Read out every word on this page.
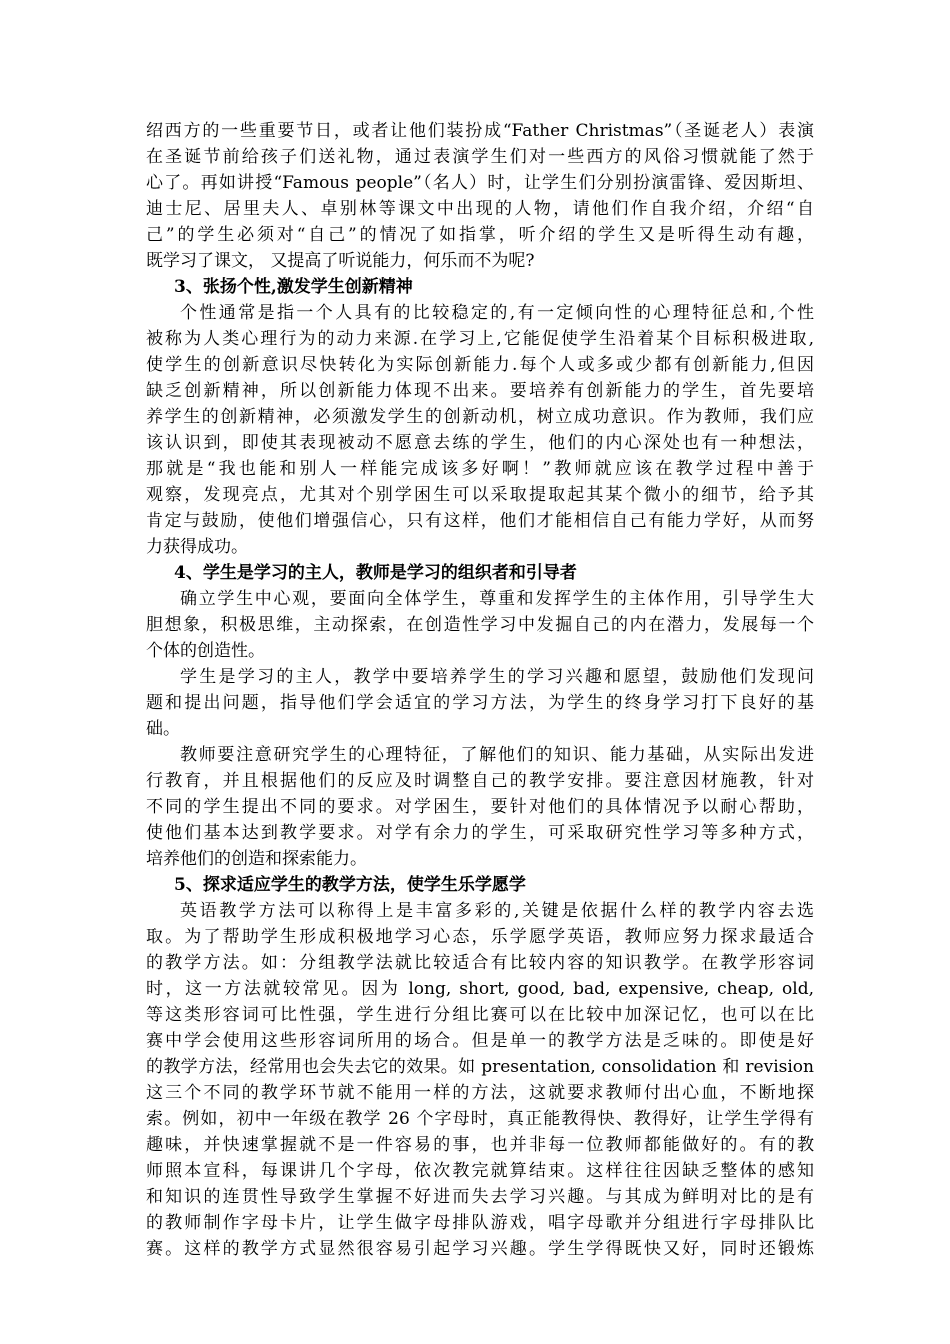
绍西方的一些重要节日，或者让他们装扮成“Father Christmas”（圣诞老人）表演
在圣诞节前给孩子们送礼物，通过表演学生们对一些西方的风俗习惯就能了然于
心了。再如讲授“Famous people”（名人）时，让学生们分别扮演雷锋、爱因斯坦、
迪士尼、居里夫人、卓别林等课文中出现的人物，请他们作自我介绍，介绍“自
己”的学生必须对“自己”的情况了如指掌，听介绍的学生又是听得生动有趣，
既学习了课文， 又提高了听说能力，何乐而不为呢?
3、张扬个性,激发学生创新精神
个性通常是指一个人具有的比较稳定的,有一定倾向性的心理特征总和,个性
被称为人类心理行为的动力来源.在学习上,它能促使学生沿着某个目标积极进取,
使学生的创新意识尽快转化为实际创新能力.每个人或多或少都有创新能力,但因
缺乏创新精神，所以创新能力体现不出来。要培养有创新能力的学生，首先要培
养学生的创新精神，必须激发学生的创新动机，树立成功意识。作为教师，我们应
该认识到，即使其表现被动不愿意去练的学生，他们的内心深处也有一种想法，
那就是“我也能和别人一样能完成该多好啊！”教师就应该在教学过程中善于
观察，发现亮点，尤其对个别学困生可以采取提取起其某个微小的细节，给予其
肯定与鼓励，使他们增强信心，只有这样，他们才能相信自己有能力学好，从而努
力获得成功。
4、学生是学习的主人，教师是学习的组织者和引导者
确立学生中心观，要面向全体学生，尊重和发挥学生的主体作用，引导学生大
胆想象，积极思维，主动探索，在创造性学习中发掘自己的内在潜力，发展每一个
个体的创造性。
学生是学习的主人，教学中要培养学生的学习兴趣和愿望，鼓励他们发现问
题和提出问题，指导他们学会适宜的学习方法，为学生的终身学习打下良好的基
础。
教师要注意研究学生的心理特征，了解他们的知识、能力基础，从实际出发进
行教育，并且根据他们的反应及时调整自己的教学安排。要注意因材施教，针对
不同的学生提出不同的要求。对学困生，要针对他们的具体情况予以耐心帮助，
使他们基本达到教学要求。对学有余力的学生，可采取研究性学习等多种方式，
培养他们的创造和探索能力。
5、探求适应学生的教学方法，使学生乐学愿学
英语教学方法可以称得上是丰富多彩的,关键是依据什么样的教学内容去选
取。为了帮助学生形成积极地学习心态，乐学愿学英语，教师应努力探求最适合
的教学方法。如：分组教学法就比较适合有比较内容的知识教学。在教学形容词
时，这一方法就较常见。因为 long, short, good, bad, expensive, cheap, old,
等这类形容词可比性强，学生进行分组比赛可以在比较中加深记忆，也可以在比
赛中学会使用这些形容词所用的场合。但是单一的教学方法是乏味的。即使是好
的教学方法，经常用也会失去它的效果。如 presentation, consolidation 和 revision
这三个不同的教学环节就不能用一样的方法，这就要求教师付出心血，不断地探
索。例如，初中一年级在教学 26 个字母时，真正能教得快、教得好，让学生学得有
趣味，并快速掌握就不是一件容易的事，也并非每一位教师都能做好的。有的教
师照本宣科，每课讲几个字母，依次教完就算结束。这样往往因缺乏整体的感知
和知识的连贯性导致学生掌握不好进而失去学习兴趣。与其成为鲜明对比的是有
的教师制作字母卡片，让学生做字母排队游戏，唱字母歌并分组进行字母排队比
赛。这样的教学方式显然很容易引起学习兴趣。学生学得既快又好，同时还锻炼
